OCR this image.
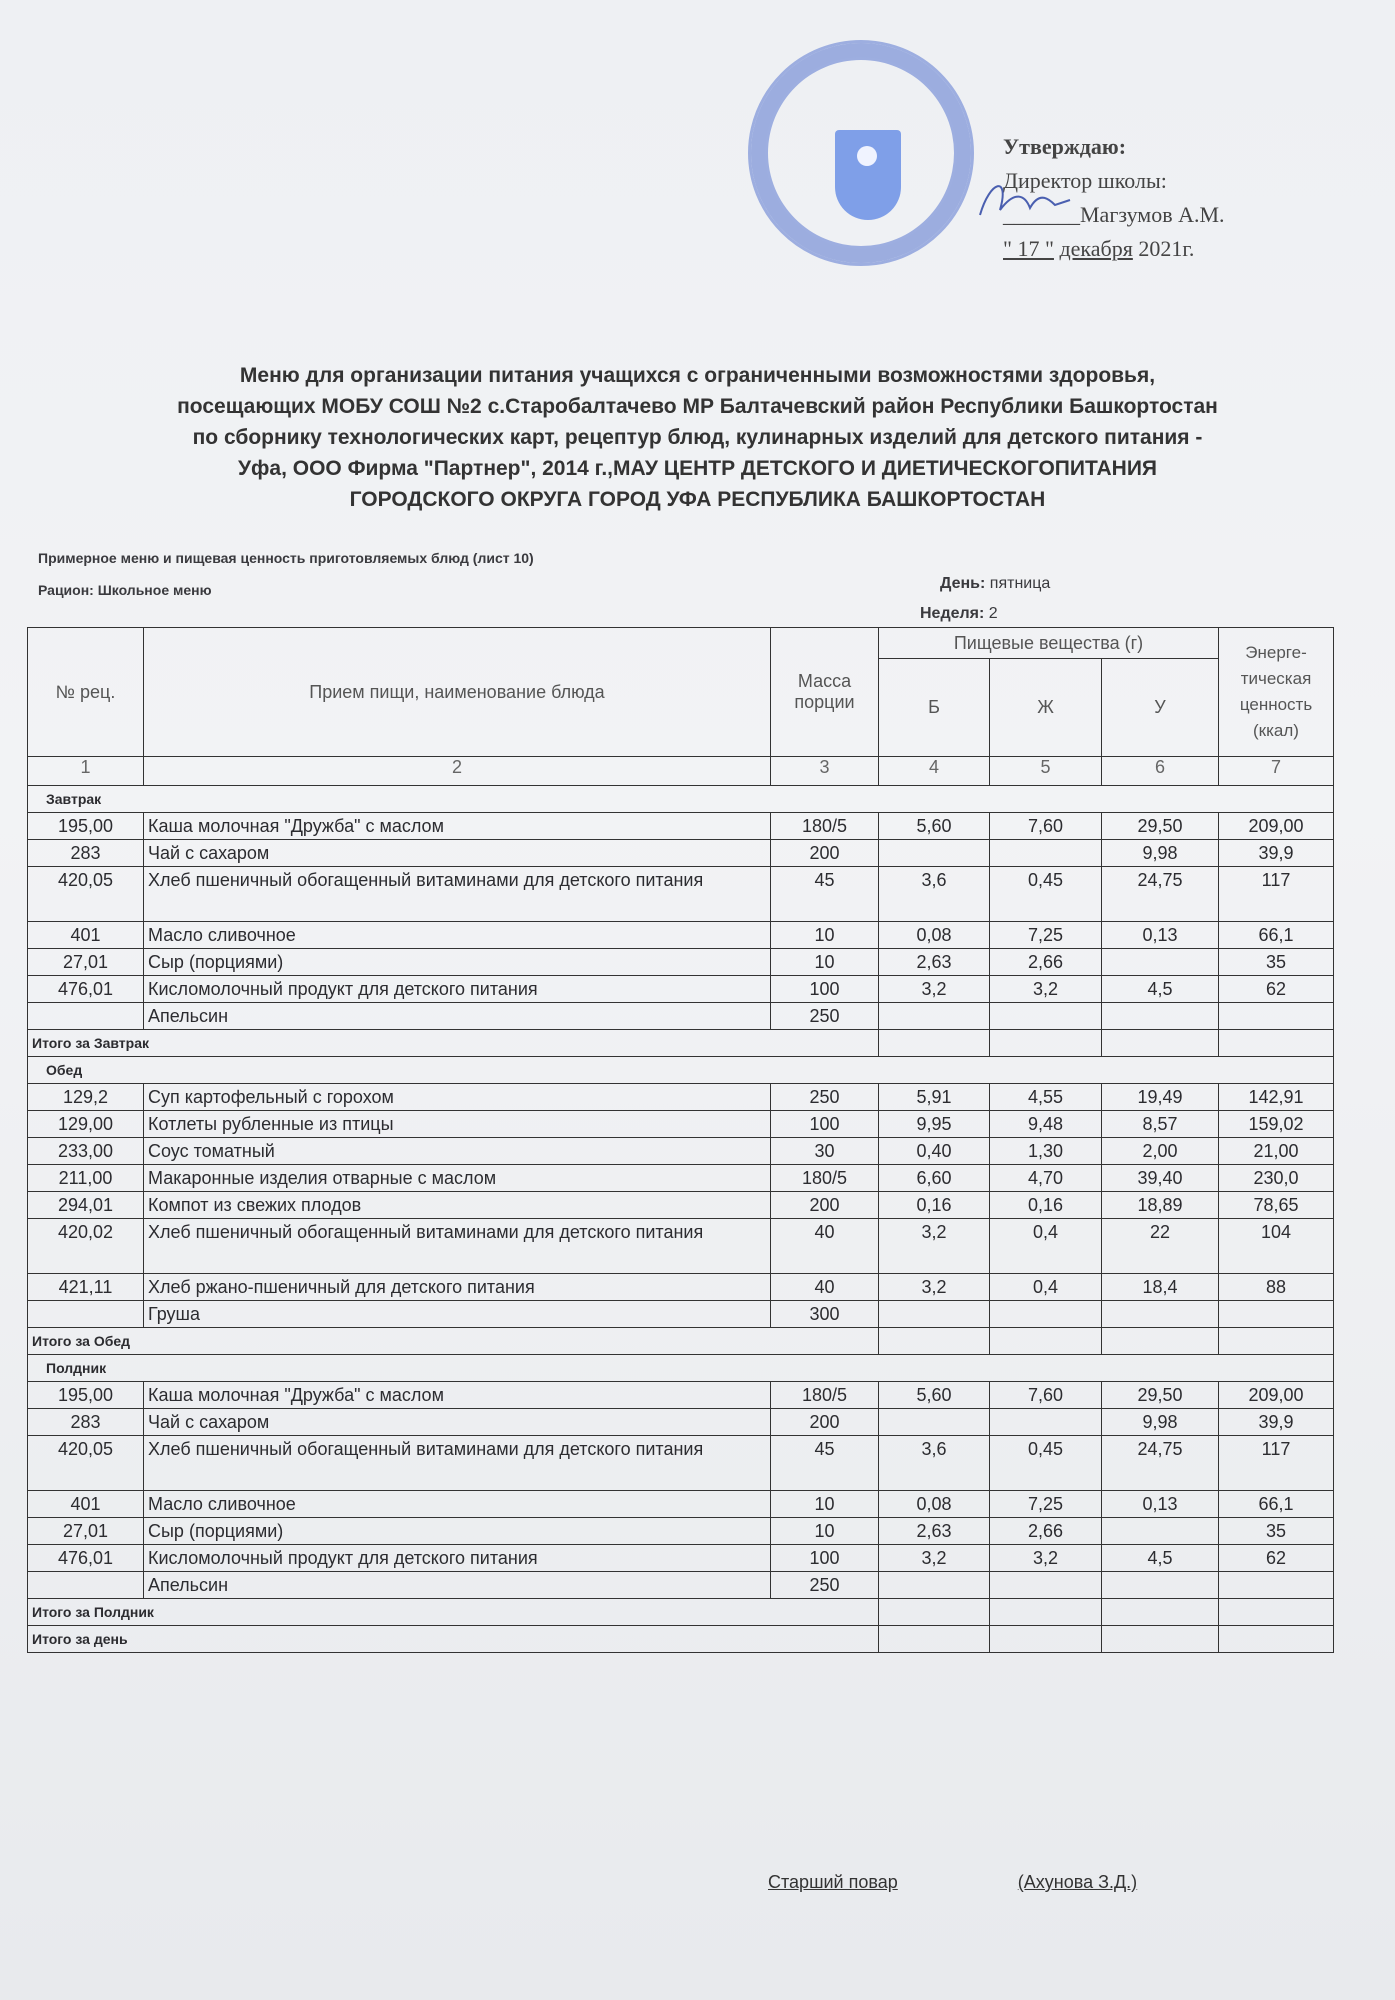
Утверждаю:
Директор школы:
_______Магзумов А.М.
" 17 " декабря 2021г.
Меню для организации питания учащихся с ограниченными возможностями здоровья,
посещающих МОБУ СОШ №2 с.Старобалтачево МР Балтачевский район Республики Башкортостан
по сборнику технологических карт, рецептур блюд, кулинарных изделий для детского питания -
Уфа, ООО Фирма "Партнер", 2014 г.,МАУ ЦЕНТР ДЕТСКОГО И ДИЕТИЧЕСКОГОПИТАНИЯ
ГОРОДСКОГО ОКРУГА ГОРОД УФА РЕСПУБЛИКА БАШКОРТОСТАН
Примерное меню и пищевая ценность приготовляемых блюд (лист 10)
Рацион: Школьное меню	День: пятница
Неделя: 2
№ рец.	Прием пищи, наименование блюда	Масса порции	Пищевые вещества (г)			Энерге-тическая ценность (ккал)
			Б	Ж	У	
1	2	3	4	5	6	7
Завтрак						
195,00	Каша молочная "Дружба" с маслом	180/5	5,60	7,60	29,50	209,00
283	Чай с сахаром	200			9,98	39,9
420,05	Хлеб пшеничный обогащенный витаминами для детского питания	45	3,6	0,45	24,75	117
401	Масло сливочное	10	0,08	7,25	0,13	66,1
27,01	Сыр (порциями)	10	2,63	2,66		35
476,01	Кисломолочный продукт для детского питания	100	3,2	3,2	4,5	62
	Апельсин	250				
Итого за Завтрак						
Обед						
129,2	Суп картофельный с горохом	250	5,91	4,55	19,49	142,91
129,00	Котлеты рубленные из птицы	100	9,95	9,48	8,57	159,02
233,00	Соус томатный	30	0,40	1,30	2,00	21,00
211,00	Макаронные изделия отварные с маслом	180/5	6,60	4,70	39,40	230,0
294,01	Компот из свежих плодов	200	0,16	0,16	18,89	78,65
420,02	Хлеб пшеничный обогащенный витаминами для детского питания	40	3,2	0,4	22	104
421,11	Хлеб ржано-пшеничный для детского питания	40	3,2	0,4	18,4	88
	Груша	300				
Итого за Обед						
Полдник						
195,00	Каша молочная "Дружба" с маслом	180/5	5,60	7,60	29,50	209,00
283	Чай с сахаром	200			9,98	39,9
420,05	Хлеб пшеничный обогащенный витаминами для детского питания	45	3,6	0,45	24,75	117
401	Масло сливочное	10	0,08	7,25	0,13	66,1
27,01	Сыр (порциями)	10	2,63	2,66		35
476,01	Кисломолочный продукт для детского питания	100	3,2	3,2	4,5	62
	Апельсин	250				
Итого за Полдник						
Итого за день						
Старший повар	(Ахунова З.Д.)
